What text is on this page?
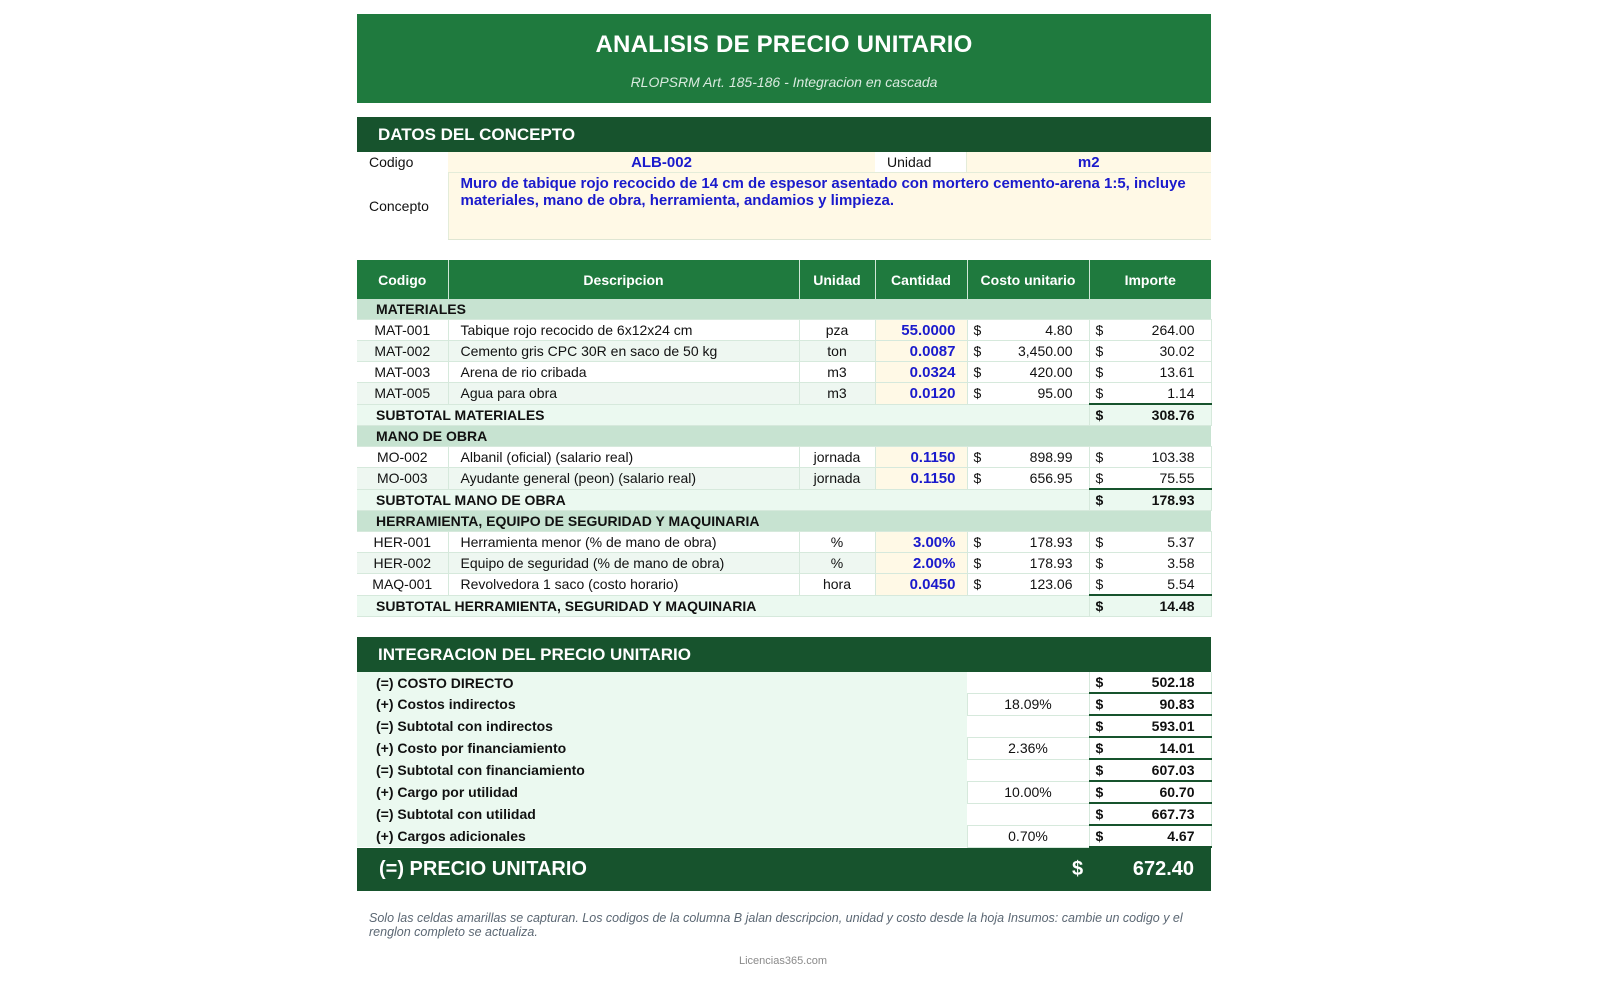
ANALISIS DE PRECIO UNITARIO
RLOPSRM Art. 185-186 - Integracion en cascada
DATOS DEL CONCEPTO
Codigo	ALB-002	Unidad	m2
Concepto	Muro de tabique rojo recocido de 14 cm de espesor asentado con mortero cemento-arena 1:5, incluye materiales, mano de obra, herramienta, andamios y limpieza.		
Codigo	Descripcion	Unidad	Cantidad	Costo unitario	Importe
MATERIALES					
MAT-001	Tabique rojo recocido de 6x12x24 cm	pza	55.0000	$ 4.80	$ 264.00

MAT-002	Cemento gris CPC 30R en saco de 50 kg	ton	0.0087	$ 3,450.00	$ 30.02

MAT-003	Arena de rio cribada	m3	0.0324	$ 420.00	$ 13.61

MAT-005	Agua para obra	m3	0.0120	$ 95.00	$ 1.14

SUBTOTAL MATERIALES					$ 308.76

MANO DE OBRA					
MO-002	Albanil (oficial) (salario real)	jornada	0.1150	$ 898.99	$ 103.38

MO-003	Ayudante general (peon) (salario real)	jornada	0.1150	$ 656.95	$ 75.55

SUBTOTAL MANO DE OBRA					$ 178.93

HERRAMIENTA, EQUIPO DE SEGURIDAD Y MAQUINARIA					
HER-001	Herramienta menor (% de mano de obra)	%	3.00%	$ 178.93	$ 5.37

HER-002	Equipo de seguridad (% de mano de obra)	%	2.00%	$ 178.93	$ 3.58

MAQ-001	Revolvedora 1 saco (costo horario)	hora	0.0450	$ 123.06	$ 5.54

SUBTOTAL HERRAMIENTA, SEGURIDAD Y MAQUINARIA					$ 14.48
INTEGRACION DEL PRECIO UNITARIO
(=) COSTO DIRECTO		$ 502.18

(+) Costos indirectos	18.09%	$ 90.83

(=) Subtotal con indirectos		$ 593.01

(+) Costo por financiamiento	2.36%	$ 14.01

(=) Subtotal con financiamiento		$ 607.03

(+) Cargo por utilidad	10.00%	$ 60.70

(=) Subtotal con utilidad		$ 667.73

(+) Cargos adicionales	0.70%	$ 4.67
(=) PRECIO UNITARIO	$	672.40
Solo las celdas amarillas se capturan. Los codigos de la columna B jalan descripcion, unidad y costo desde la hoja Insumos: cambie un codigo y el renglon completo se actualiza.
Licencias365.com
